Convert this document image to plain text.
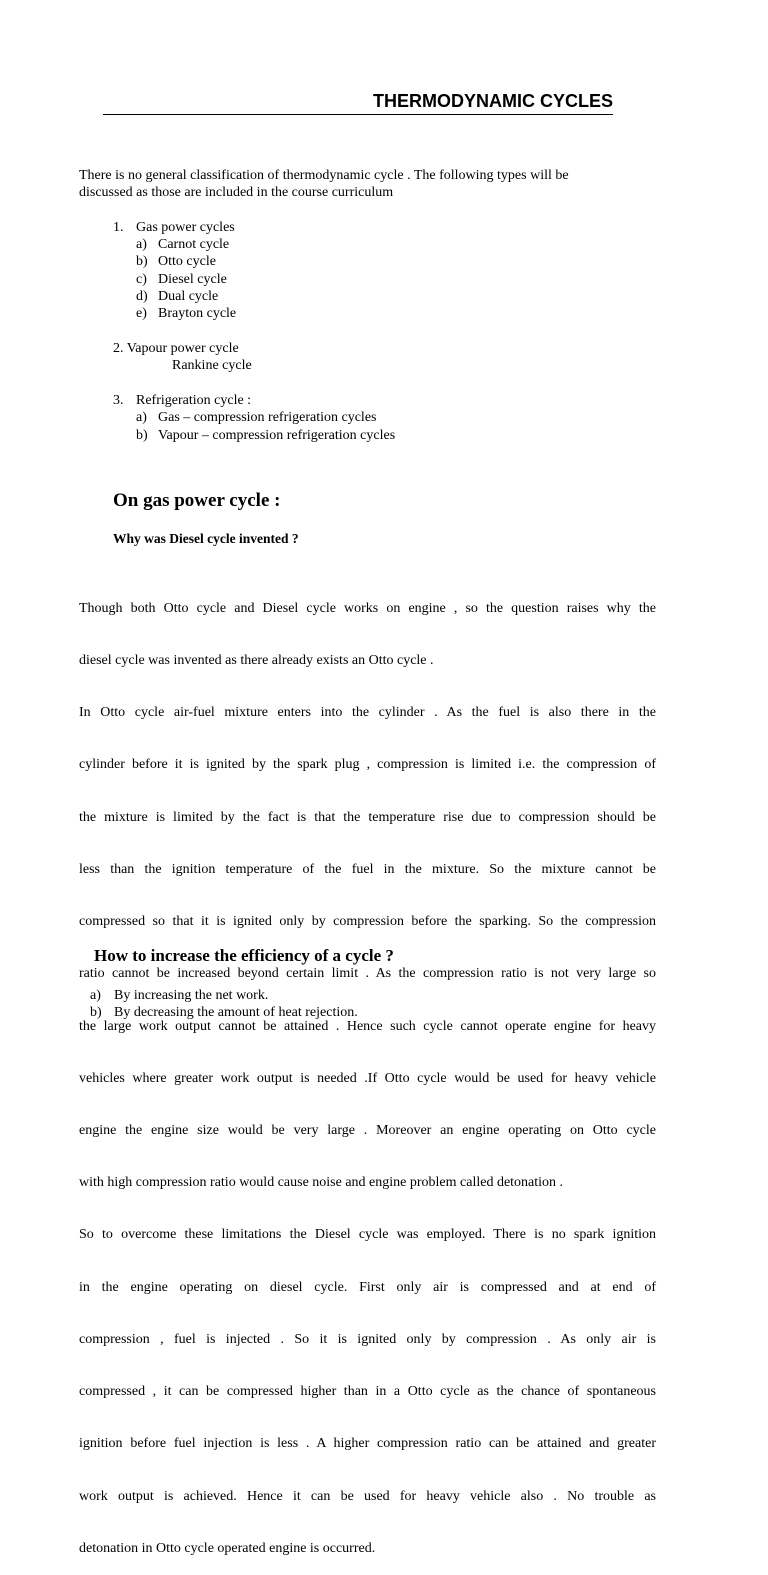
THERMODYNAMIC CYCLES
There is no general classification of thermodynamic cycle . The following types will be
discussed as those are included in the course curriculum
1. Gas power cycles
a) Carnot cycle
b) Otto cycle
c) Diesel cycle
d) Dual cycle
e) Brayton cycle
2. Vapour power cycle
Rankine cycle
3. Refrigeration cycle :
a) Gas – compression refrigeration cycles
b) Vapour – compression refrigeration cycles
On gas power cycle :
Why was Diesel cycle invented ?

Though both Otto cycle and Diesel cycle works on engine , so the question raises why the

diesel cycle was invented as there already exists an Otto cycle .

In Otto cycle air-fuel mixture enters into the cylinder . As the fuel is also there in the

cylinder before it is ignited by the spark plug , compression is limited i.e. the compression of

the mixture is limited by the fact is that the temperature rise due to compression should be

less than the ignition temperature of the fuel in the mixture. So the mixture cannot be

compressed so that it is ignited only by compression before the sparking. So the compression

ratio cannot be increased beyond certain limit . As the compression ratio is not very large so

the large work output cannot be attained . Hence such cycle cannot operate engine for heavy

vehicles where greater work output is needed .If Otto cycle would be used for heavy vehicle

engine the engine size would be very large . Moreover an engine operating on Otto cycle

with high compression ratio would cause noise and engine problem called detonation .

So to overcome these limitations the Diesel cycle was employed. There is no spark ignition

in the engine operating on diesel cycle. First only air is compressed and at end of

compression , fuel is injected . So it is ignited only by compression . As only air is

compressed , it can be compressed higher than in a Otto cycle as the chance of spontaneous

ignition before fuel injection is less . A higher compression ratio can be attained and greater

work output is achieved. Hence it can be used for heavy vehicle also . No trouble as

detonation in Otto cycle operated engine is occurred.

How to increase the efficiency of a cycle ?
a) By increasing the net work.
b) By decreasing the amount of heat rejection.
